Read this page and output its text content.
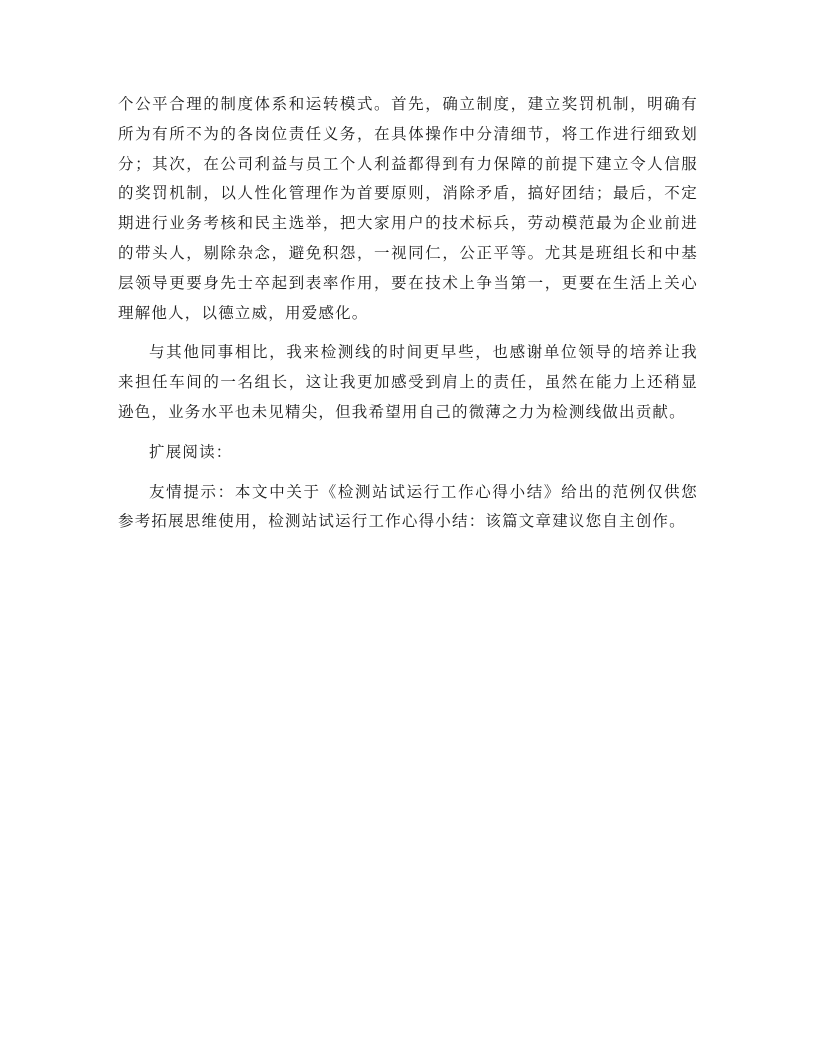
个公平合理的制度体系和运转模式。首先，确立制度，建立奖罚机制，明确有所为有所不为的各岗位责任义务，在具体操作中分清细节，将工作进行细致划分；其次，在公司利益与员工个人利益都得到有力保障的前提下建立令人信服的奖罚机制，以人性化管理作为首要原则，消除矛盾，搞好团结；最后，不定期进行业务考核和民主选举，把大家用户的技术标兵，劳动模范最为企业前进的带头人，剔除杂念，避免积怨，一视同仁，公正平等。尤其是班组长和中基层领导更要身先士卒起到表率作用，要在技术上争当第一，更要在生活上关心理解他人，以德立威，用爱感化。

与其他同事相比，我来检测线的时间更早些，也感谢单位领导的培养让我来担任车间的一名组长，这让我更加感受到肩上的责任，虽然在能力上还稍显逊色，业务水平也未见精尖，但我希望用自己的微薄之力为检测线做出贡献。

扩展阅读：

友情提示：本文中关于《检测站试运行工作心得小结》给出的范例仅供您参考拓展思维使用，检测站试运行工作心得小结：该篇文章建议您自主创作。
